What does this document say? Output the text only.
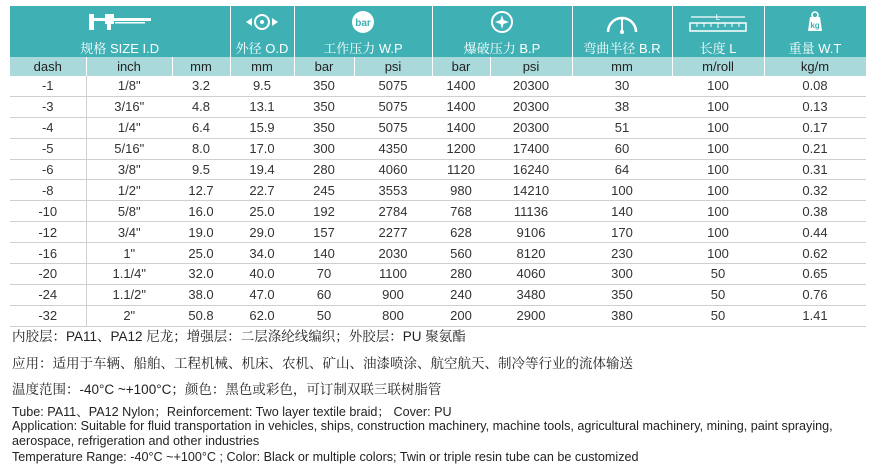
bar					L	kg

规格 SIZE I.D			外径 O.D	工作压力 W.P		爆破压力 B.P		弯曲半径 B.R	长度 L	重量 W.T
dash	inch	mm	mm	bar	psi	bar	psi	mm	m/roll	kg/m
-1	1/8"	3.2	9.5	350	5075	1400	20300	30	100	0.08
-3	3/16"	4.8	13.1	350	5075	1400	20300	38	100	0.13
-4	1/4"	6.4	15.9	350	5075	1400	20300	51	100	0.17
-5	5/16"	8.0	17.0	300	4350	1200	17400	60	100	0.21
-6	3/8"	9.5	19.4	280	4060	1120	16240	64	100	0.31
-8	1/2"	12.7	22.7	245	3553	980	14210	100	100	0.32
-10	5/8"	16.0	25.0	192	2784	768	11136	140	100	0.38
-12	3/4"	19.0	29.0	157	2277	628	9106	170	100	0.44
-16	1"	25.0	34.0	140	2030	560	8120	230	100	0.62
-20	1.1/4"	32.0	40.0	70	1100	280	4060	300	50	0.65
-24	1.1/2"	38.0	47.0	60	900	240	3480	350	50	0.76
-32	2"	50.8	62.0	50	800	200	2900	380	50	1.41
内胶层：PA11、PA12 尼龙；增强层：二层涤纶线编织；外胶层：PU 聚氨酯
应用：适用于车辆、船舶、工程机械、机床、农机、矿山、油漆喷涂、航空航天、制冷等行业的流体输送
温度范围：-40°C ~+100°C；颜色：黑色或彩色，可订制双联三联树脂管
Tube: PA11、PA12 Nylon；Reinforcement: Two layer textile braid； Cover: PU
Application: Suitable for fluid transportation in vehicles, ships, construction machinery, machine tools, agricultural machinery, mining, paint spraying, aerospace, refrigeration and other industries
Temperature Range: -40°C ~+100°C ; Color: Black or multiple colors; Twin or triple resin tube can be customized
